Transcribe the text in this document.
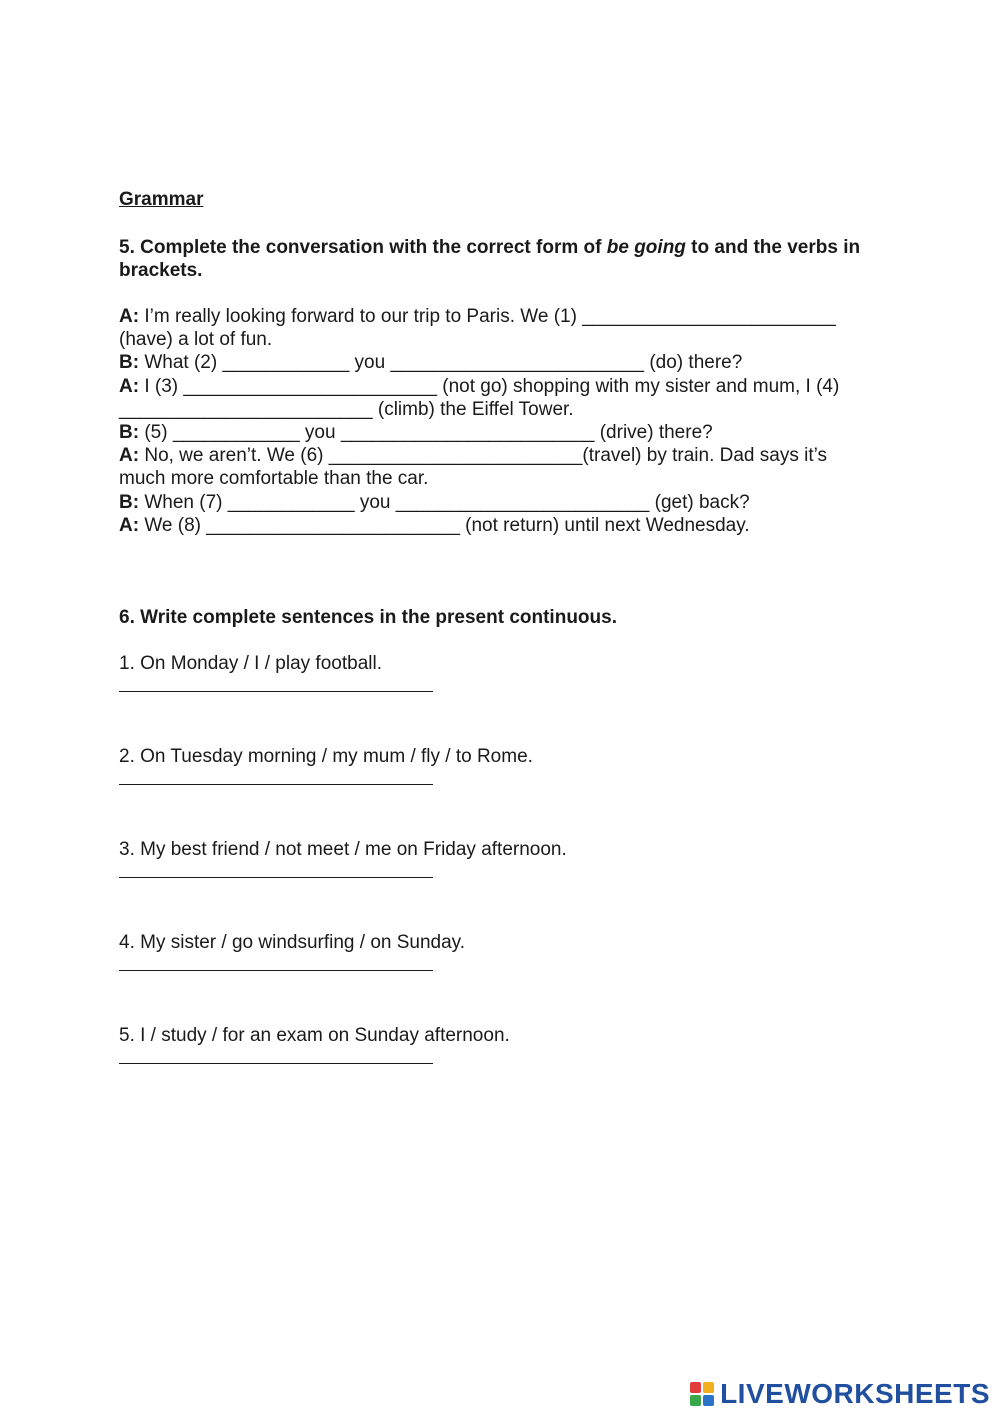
Grammar

5. Complete the conversation with the correct form of be going to and the verbs in brackets.

A: I’m really looking forward to our trip to Paris. We (1) ________________________
(have) a lot of fun.
B: What (2) ____________ you ________________________ (do) there?
A: I (3) ________________________ (not go) shopping with my sister and mum, I (4)
________________________ (climb) the Eiffel Tower.
B: (5) ____________ you ________________________ (drive) there?
A: No, we aren’t. We (6) ________________________(travel) by train. Dad says it’s
much more comfortable than the car.
B: When (7) ____________ you ________________________ (get) back?
A: We (8) ________________________ (not return) until next Wednesday.

6. Write complete sentences in the present continuous.

1. On Monday / I / play football.
2. On Tuesday morning / my mum / fly / to Rome.
3. My best friend / not meet / me on Friday afternoon.
4. My sister / go windsurfing / on Sunday.
5. I / study / for an exam on Sunday afternoon.
LIVEWORKSHEETS
